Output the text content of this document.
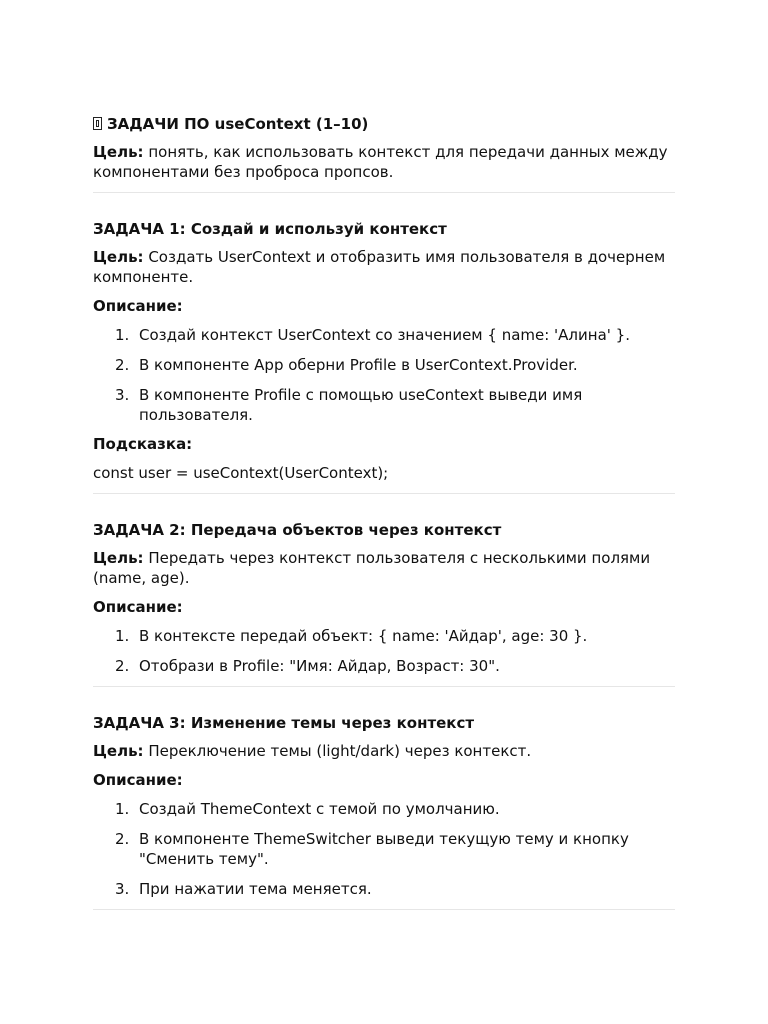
ЗАДАЧИ ПО useContext (1–10)

Цель: понять, как использовать контекст для передачи данных между компонентами без проброса пропсов.

ЗАДАЧА 1: Создай и используй контекст

Цель: Создать UserContext и отобразить имя пользователя в дочернем компоненте.

Описание:

1. Создай контекст UserContext со значением { name: 'Алина' }.
2. В компоненте App оберни Profile в UserContext.Provider.
3. В компоненте Profile с помощью useContext выведи имя пользователя.

Подсказка:

const user = useContext(UserContext);

ЗАДАЧА 2: Передача объектов через контекст

Цель: Передать через контекст пользователя с несколькими полями (name, age).

Описание:

1. В контексте передай объект: { name: 'Айдар', age: 30 }.
2. Отобрази в Profile: "Имя: Айдар, Возраст: 30".

ЗАДАЧА 3: Изменение темы через контекст

Цель: Переключение темы (light/dark) через контекст.

Описание:

1. Создай ThemeContext с темой по умолчанию.
2. В компоненте ThemeSwitcher выведи текущую тему и кнопку "Сменить тему".
3. При нажатии тема меняется.
